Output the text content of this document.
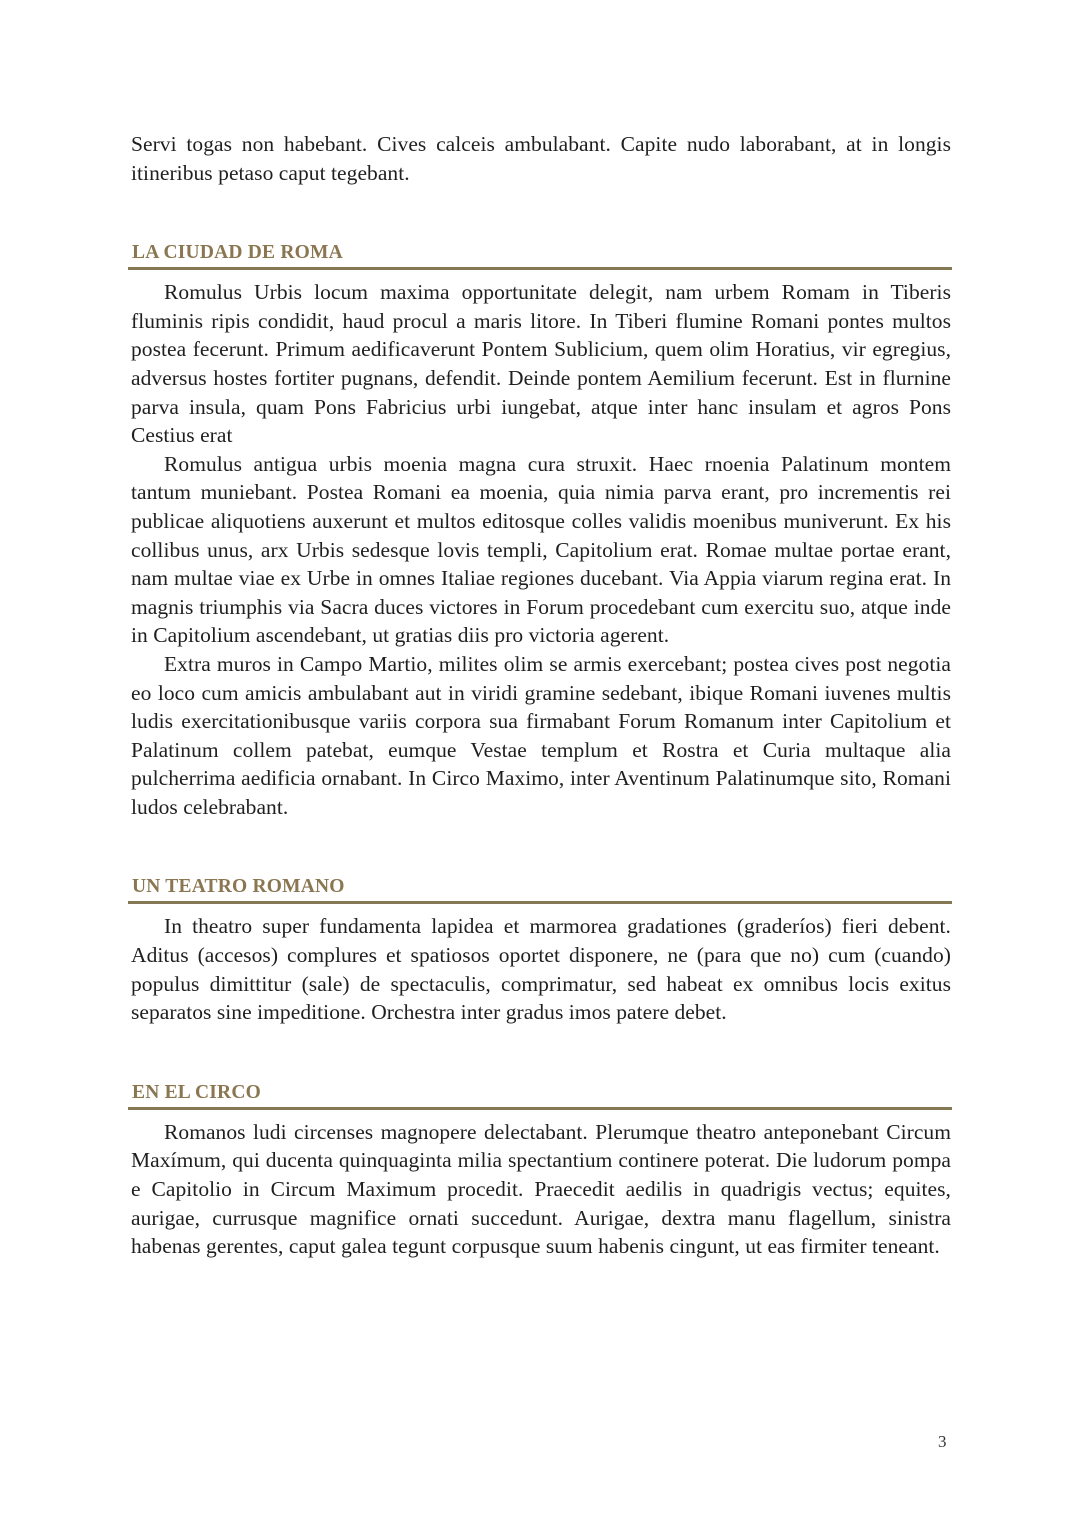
Servi togas non habebant. Cives calceis ambulabant. Capite nudo laborabant, at in longis itineribus petaso caput tegebant.

LA CIUDAD DE ROMA

Romulus Urbis locum maxima opportunitate delegit, nam urbem Romam in Tiberis fluminis ripis condidit, haud procul a maris litore. In Tiberi flumine Romani pontes multos postea fecerunt. Primum aedificaverunt Pontem Sublicium, quem olim Horatius, vir egregius, adversus hostes fortiter pugnans, defendit. Deinde pontem Aemilium fecerunt. Est in flurnine parva insula, quam Pons Fabricius urbi iungebat, atque inter hanc insulam et agros Pons Cestius erat

Romulus antigua urbis moenia magna cura struxit. Haec rnoenia Palatinum montem tantum muniebant. Postea Romani ea moenia, quia nimia parva erant, pro incrementis rei publicae aliquotiens auxerunt et multos editosque colles validis moenibus muniverunt. Ex his collibus unus, arx Urbis sedesque lovis templi, Capitolium erat. Romae multae portae erant, nam multae viae ex Urbe in omnes Italiae regiones ducebant. Via Appia viarum regina erat. In magnis triumphis via Sacra duces victores in Forum procedebant cum exercitu suo, atque inde in Capitolium ascendebant, ut gratias diis pro victoria agerent.

Extra muros in Campo Martio, milites olim se armis exercebant; postea cives post negotia eo loco cum amicis ambulabant aut in viridi gramine sedebant, ibique Romani iuvenes multis ludis exercitationibusque variis corpora sua firmabant Forum Romanum inter Capitolium et Palatinum collem patebat, eumque Vestae templum et Rostra et Curia multaque alia pulcherrima aedificia ornabant. In Circo Maximo, inter Aventinum Palatinumque sito, Romani ludos celebrabant.

UN TEATRO ROMANO

In theatro super fundamenta lapidea et marmorea gradationes (graderíos) fieri debent. Aditus (accesos) complures et spatiosos oportet disponere, ne (para que no) cum (cuando) populus dimittitur (sale) de spectaculis, comprimatur, sed habeat ex omnibus locis exitus separatos sine impeditione. Orchestra inter gradus imos patere debet.

EN EL CIRCO

Romanos ludi circenses magnopere delectabant. Plerumque theatro anteponebant Circum Maxímum, qui ducenta quinquaginta milia spectantium continere poterat. Die ludorum pompa e Capitolio in Circum Maximum procedit. Praecedit aedilis in quadrigis vectus; equites, aurigae, currusque magnifice ornati succedunt. Aurigae, dextra manu flagellum, sinistra habenas gerentes, caput galea tegunt corpusque suum habenis cingunt, ut eas firmiter teneant.

3
